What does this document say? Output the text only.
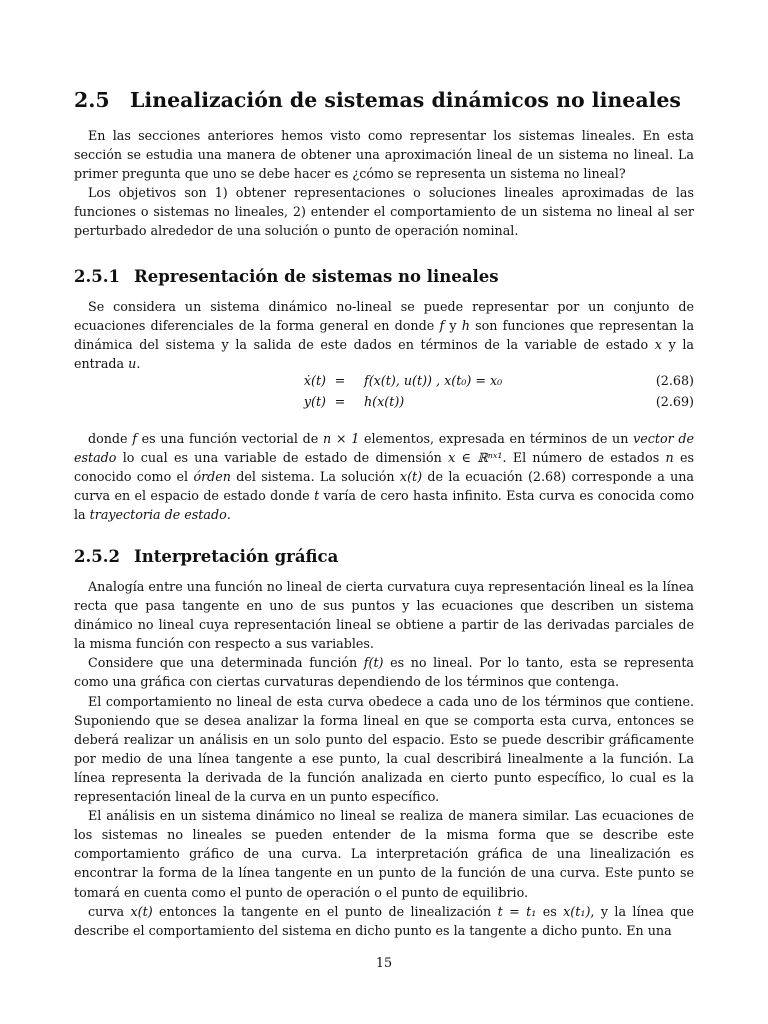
2.5 Linealización de sistemas dinámicos no lineales

En las secciones anteriores hemos visto como representar los sistemas lineales. En esta sección se estudia una manera de obtener una aproximación lineal de un sistema no lineal. La primer pregunta que uno se debe hacer es ¿cómo se representa un sistema no lineal?

Los objetivos son 1) obtener representaciones o soluciones lineales aproximadas de las funciones o sistemas no lineales, 2) entender el comportamiento de un sistema no lineal al ser perturbado alrededor de una solución o punto de operación nominal.

2.5.1 Representación de sistemas no lineales
Se considera un sistema dinámico no-lineal se puede representar por un conjunto de ecuaciones diferenciales de la forma general en donde f y h son funciones que representan la dinámica del sistema y la salida de este dados en términos de la variable de estado x y la entrada u.
ẋ(t) = f(x(t), u(t)) , x(t₀) = x₀	(2.68)
y(t) = h(x(t))	(2.69)
donde f es una función vectorial de n × 1 elementos, expresada en términos de un vector de estado lo cual es una variable de estado de dimensión x ∈ ℝⁿˣ¹. El número de estados n es conocido como el órden del sistema. La solución x(t) de la ecuación (2.68) corresponde a una curva en el espacio de estado donde t varía de cero hasta infinito. Esta curva es conocida como la trayectoria de estado.
2.5.2 Interpretación gráfica

Analogía entre una función no lineal de cierta curvatura cuya representación lineal es la línea recta que pasa tangente en uno de sus puntos y las ecuaciones que describen un sistema dinámico no lineal cuya representación lineal se obtiene a partir de las derivadas parciales de la misma función con respecto a sus variables.

Considere que una determinada función f(t) es no lineal. Por lo tanto, esta se representa como una gráfica con ciertas curvaturas dependiendo de los términos que contenga.

El comportamiento no lineal de esta curva obedece a cada uno de los términos que contiene. Suponiendo que se desea analizar la forma lineal en que se comporta esta curva, entonces se deberá realizar un análisis en un solo punto del espacio. Esto se puede describir gráficamente por medio de una línea tangente a ese punto, la cual describirá linealmente a la función. La línea representa la derivada de la función analizada en cierto punto específico, lo cual es la representación lineal de la curva en un punto específico.

El análisis en un sistema dinámico no lineal se realiza de manera similar. Las ecuaciones de los sistemas no lineales se pueden entender de la misma forma que se describe este comportamiento gráfico de una curva. La interpretación gráfica de una linealización es encontrar la forma de la línea tangente en un punto de la función de una curva. Este punto se tomará en cuenta como el punto de operación o el punto de equilibrio.

curva x(t) entonces la tangente en el punto de linealización t = t₁ es x(t₁), y la línea que describe el comportamiento del sistema en dicho punto es la tangente a dicho punto. En una

15
